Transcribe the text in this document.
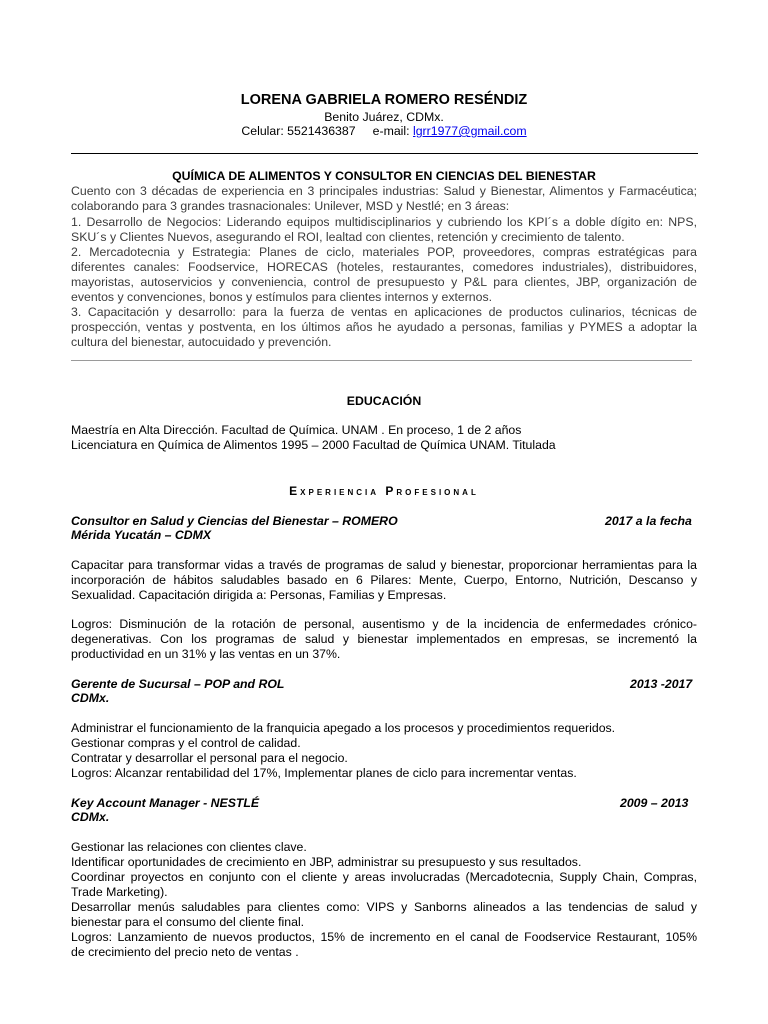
LORENA GABRIELA ROMERO RESÉNDIZ
Benito Juárez, CDMx.
Celular: 5521436387 e-mail: lgrr1977@gmail.com
QUÍMICA DE ALIMENTOS Y CONSULTOR EN CIENCIAS DEL BIENESTAR
Cuento con 3 décadas de experiencia en 3 principales industrias: Salud y Bienestar, Alimentos y Farmacéutica;
colaborando para 3 grandes trasnacionales: Unilever, MSD y Nestlé; en 3 áreas:
1. Desarrollo de Negocios: Liderando equipos multidisciplinarios y cubriendo los KPI´s a doble dígito en: NPS,
SKU´s y Clientes Nuevos, asegurando el ROI, lealtad con clientes, retención y crecimiento de talento.
2. Mercadotecnia y Estrategia: Planes de ciclo, materiales POP, proveedores, compras estratégicas para
diferentes canales: Foodservice, HORECAS (hoteles, restaurantes, comedores industriales), distribuidores,
mayoristas, autoservicios y conveniencia, control de presupuesto y P&L para clientes, JBP, organización de
eventos y convenciones, bonos y estímulos para clientes internos y externos.
3. Capacitación y desarrollo: para la fuerza de ventas en aplicaciones de productos culinarios, técnicas de
prospección, ventas y postventa, en los últimos años he ayudado a personas, familias y PYMES a adoptar la
cultura del bienestar, autocuidado y prevención.
EDUCACIÓN
Maestría en Alta Dirección. Facultad de Química. UNAM . En proceso, 1 de 2 años
Licenciatura en Química de Alimentos 1995 – 2000 Facultad de Química UNAM. Titulada
Experiencia Profesional
Consultor en Salud y Ciencias del Bienestar – ROMERO	2017 a la fecha
Mérida Yucatán – CDMX
Capacitar para transformar vidas a través de programas de salud y bienestar, proporcionar herramientas para la
incorporación de hábitos saludables basado en 6 Pilares: Mente, Cuerpo, Entorno, Nutrición, Descanso y
Sexualidad. Capacitación dirigida a: Personas, Familias y Empresas.
Logros: Disminución de la rotación de personal, ausentismo y de la incidencia de enfermedades crónico-
degenerativas. Con los programas de salud y bienestar implementados en empresas, se incrementó la
productividad en un 31% y las ventas en un 37%.
Gerente de Sucursal – POP and ROL	2013 -2017
CDMx.
Administrar el funcionamiento de la franquicia apegado a los procesos y procedimientos requeridos.
Gestionar compras y el control de calidad.
Contratar y desarrollar el personal para el negocio.
Logros: Alcanzar rentabilidad del 17%, Implementar planes de ciclo para incrementar ventas.
Key Account Manager - NESTLÉ	2009 – 2013
CDMx.
Gestionar las relaciones con clientes clave.
Identificar oportunidades de crecimiento en JBP, administrar su presupuesto y sus resultados.
Coordinar proyectos en conjunto con el cliente y areas involucradas (Mercadotecnia, Supply Chain, Compras,
Trade Marketing).
Desarrollar menús saludables para clientes como: VIPS y Sanborns alineados a las tendencias de salud y
bienestar para el consumo del cliente final.
Logros: Lanzamiento de nuevos productos, 15% de incremento en el canal de Foodservice Restaurant, 105%
de crecimiento del precio neto de ventas .
